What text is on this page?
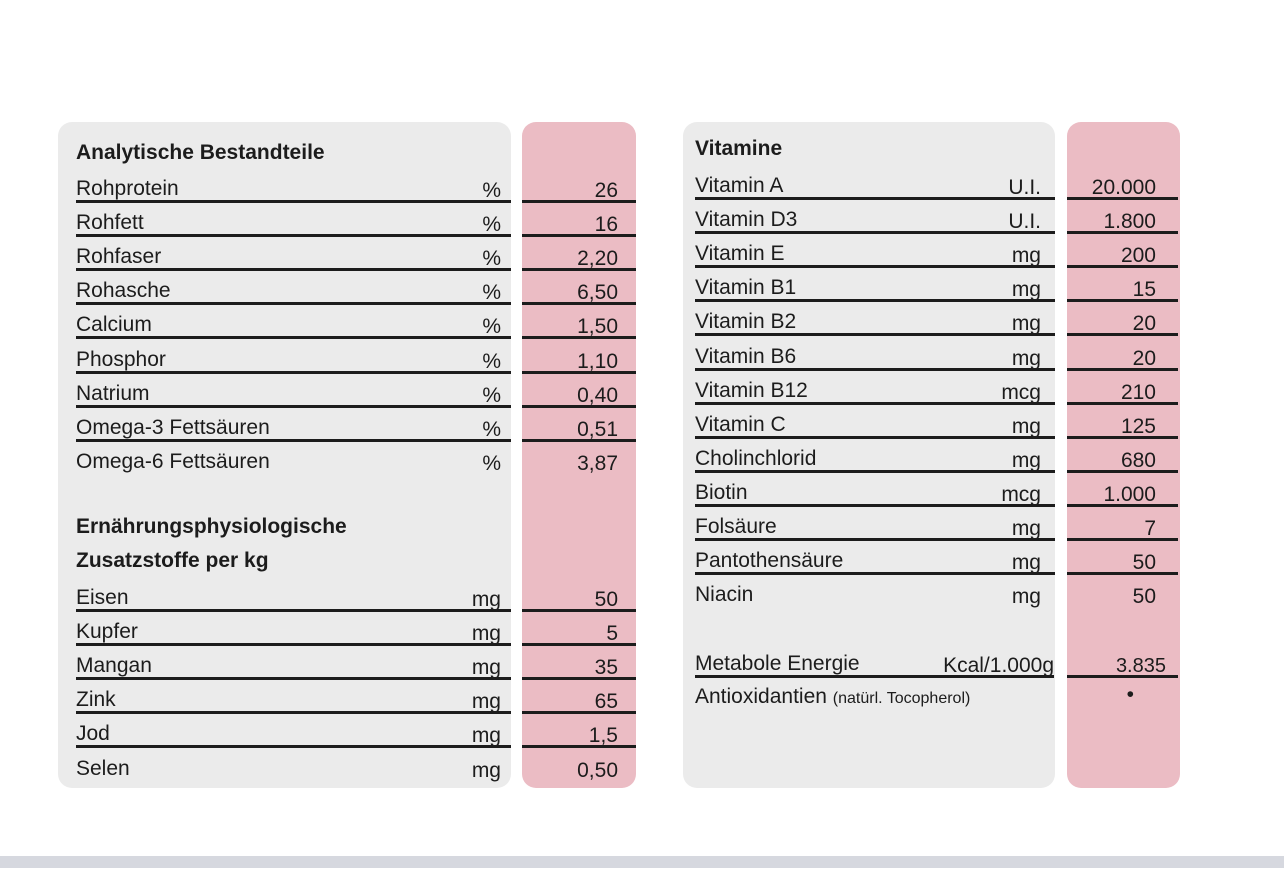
Analytische Bestandteile
Rohprotein	%	26
Rohfett	%	16
Rohfaser	%	2,20
Rohasche	%	6,50
Calcium	%	1,50
Phosphor	%	1,10
Natrium	%	0,40
Omega-3 Fettsäuren	%	0,51
Omega-6 Fettsäuren	%	3,87
Ernährungsphysiologische
Zusatzstoffe per kg
Eisen	mg	50
Kupfer	mg	5
Mangan	mg	35
Zink	mg	65
Jod	mg	1,5
Selen	mg	0,50
Vitamine
Vitamin A	U.I. 20.000
Vitamin D3	U.I.	1.800
Vitamin E	mg	200
Vitamin B1	mg	15
Vitamin B2	mg	20
Vitamin B6	mg	20
Vitamin B12	mcg	210
Vitamin C	mg	125
Cholinchlorid	mg	680
Biotin	mcg	1.000
Folsäure	mg	7
Pantothensäure	mg	50
Niacin	mg	50
Metabole Energie	Kcal/1.000g	3.835
Antioxidantien (natürl. Tocopherol)	•
